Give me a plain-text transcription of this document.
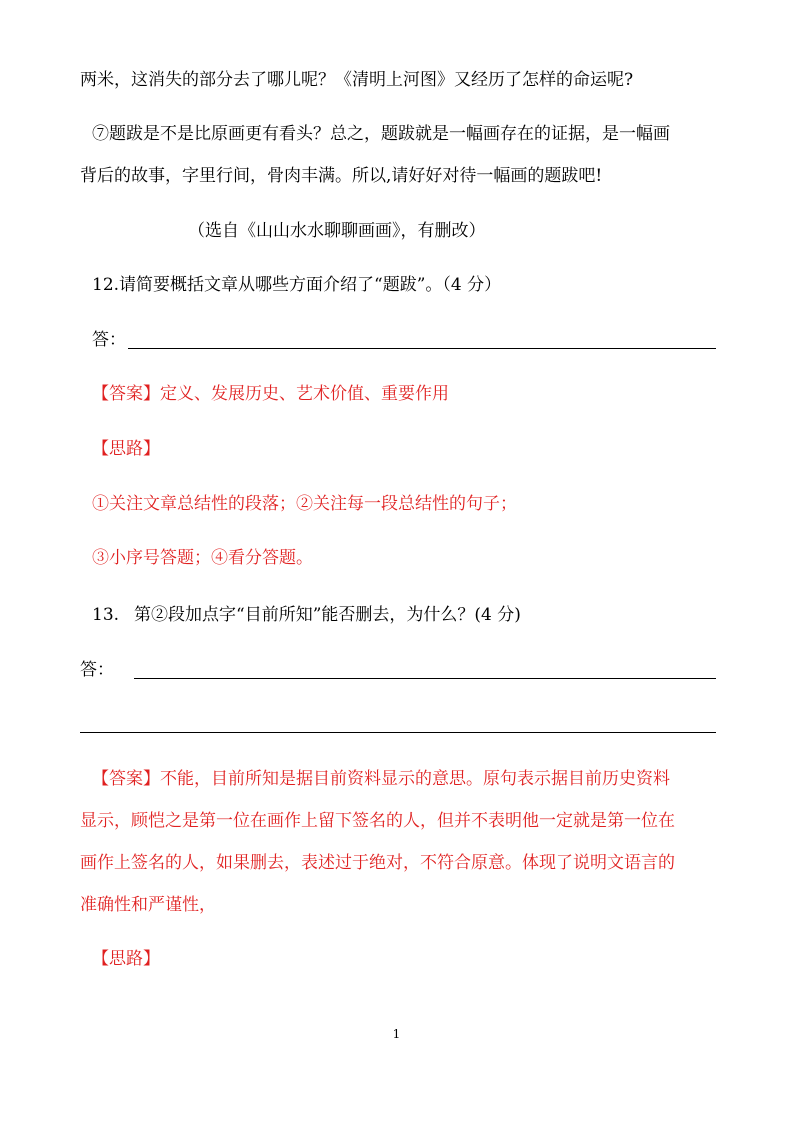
两米，这消失的部分去了哪儿呢？《清明上河图》又经历了怎样的命运呢?

⑦题跋是不是比原画更有看头？总之，题跋就是一幅画存在的证据，是一幅画

背后的故事，字里行间，骨肉丰满。所以,请好好对待一幅画的题跋吧!

（选自《山山水水聊聊画画》，有删改）

12.请简要概括文章从哪些方面介绍了“题跋”。（4 分）

答：

【答案】定义、发展历史、艺术价值、重要作用

【思路】

①关注文章总结性的段落；②关注每一段总结性的句子；

③小序号答题；④看分答题。

13. 第②段加点字“目前所知”能否删去，为什么？(4 分)

答：

【答案】不能，目前所知是据目前资料显示的意思。原句表示据目前历史资料

显示，顾恺之是第一位在画作上留下签名的人，但并不表明他一定就是第一位在

画作上签名的人，如果删去，表述过于绝对，不符合原意。体现了说明文语言的

准确性和严谨性，

【思路】

1
